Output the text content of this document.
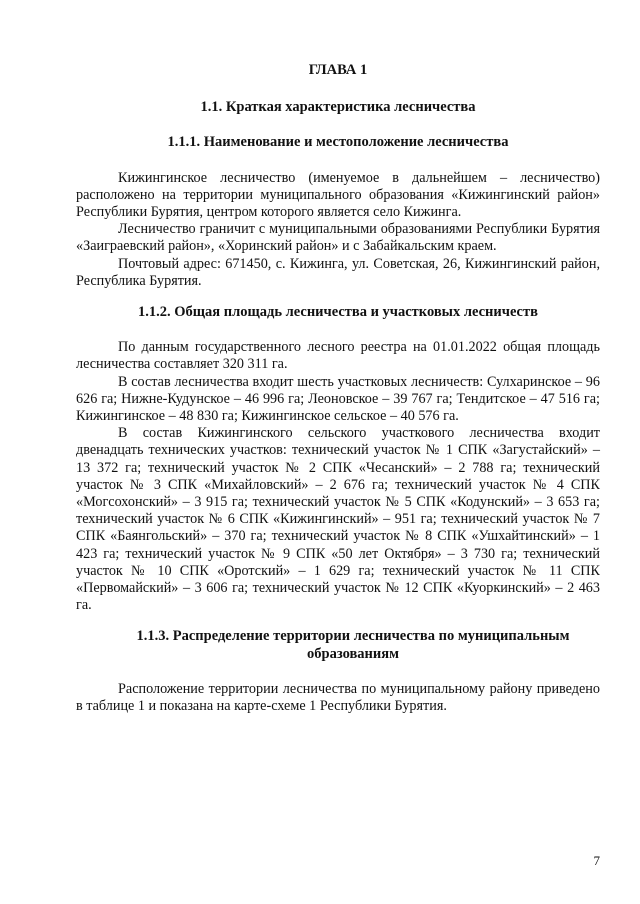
ГЛАВА 1
1.1. Краткая характеристика лесничества
1.1.1. Наименование и местоположение лесничества

Кижингинское лесничество (именуемое в дальнейшем – лесничество) расположено на территории муниципального образования «Кижингинский район» Республики Бурятия, центром которого является село Кижинга.

Лесничество граничит с муниципальными образованиями Республики Бурятия «Заиграевский район», «Хоринский район» и с Забайкальским краем.

Почтовый адрес: 671450, с. Кижинга, ул. Советская, 26, Кижингинский район, Республика Бурятия.

1.1.2. Общая площадь лесничества и участковых лесничеств

По данным государственного лесного реестра на 01.01.2022 общая площадь лесничества составляет 320 311 га.

В состав лесничества входит шесть участковых лесничеств: Сулхаринское – 96 626 га; Нижне-Кудунское – 46 996 га; Леоновское – 39 767 га; Тендитское – 47 516 га; Кижингинское – 48 830 га; Кижингинское сельское – 40 576 га.

В состав Кижингинского сельского участкового лесничества входит двенадцать технических участков: технический участок № 1 СПК «Загустайский» – 13 372 га; технический участок № 2 СПК «Чесанский» – 2 788 га; технический участок № 3 СПК «Михайловский» – 2 676 га; технический участок № 4 СПК «Могсохонский» – 3 915 га; технический участок № 5 СПК «Кодунский» – 3 653 га; технический участок № 6 СПК «Кижингинский» – 951 га; технический участок № 7 СПК «Баянгольский» – 370 га; технический участок № 8 СПК «Ушхайтинский» – 1 423 га; технический участок № 9 СПК «50 лет Октября» – 3 730 га; технический участок № 10 СПК «Оротский» – 1 629 га; технический участок № 11 СПК «Первомайский» – 3 606 га; технический участок № 12 СПК «Куоркинский» – 2 463 га.

1.1.3. Распределение территории лесничества по муниципальным образованиям

Расположение территории лесничества по муниципальному району приведено в таблице 1 и показана на карте-схеме 1 Республики Бурятия.

7
